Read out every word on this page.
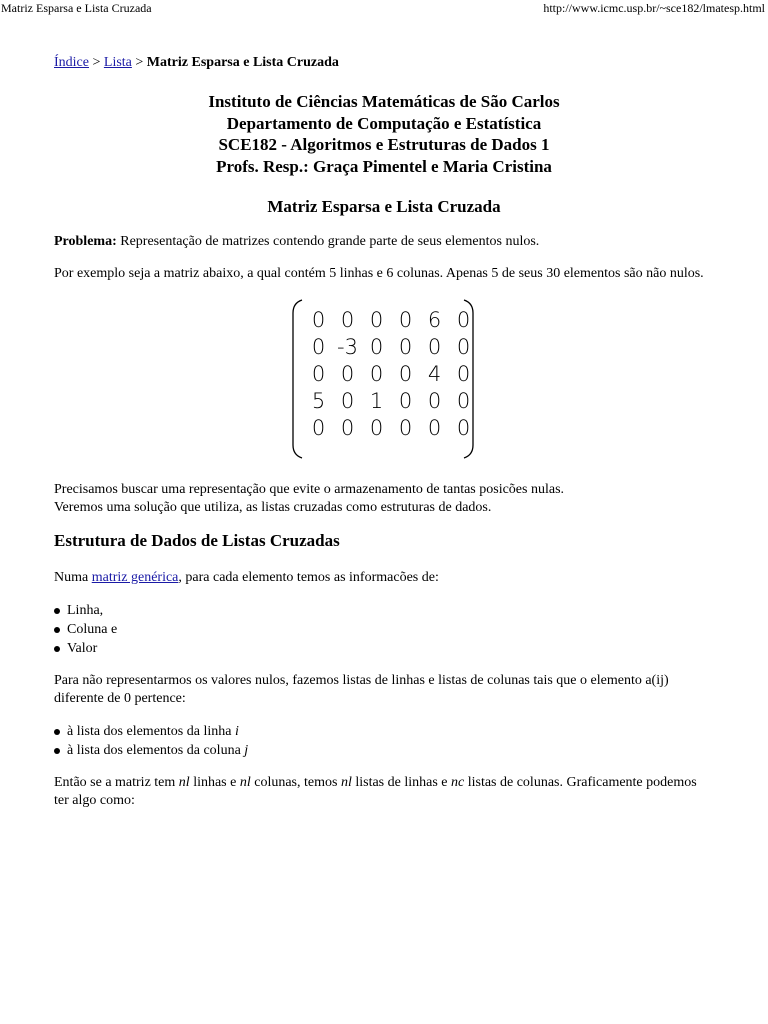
Matriz Esparsa e Lista Cruzada	http://www.icmc.usp.br/~sce182/lmatesp.html
Índice > Lista > Matriz Esparsa e Lista Cruzada

Instituto de Ciências Matemáticas de São Carlos

Departamento de Computação e Estatística

SCE182 - Algoritmos e Estruturas de Dados 1

Profs. Resp.: Graça Pimentel e Maria Cristina

Matriz Esparsa e Lista Cruzada

Problema: Representação de matrizes contendo grande parte de seus elementos nulos.

Por exemplo seja a matriz abaixo, a qual contém 5 linhas e 6 colunas. Apenas 5 de seus 30 elementos são não nulos.

0 0 0 0 6 0
0 -3 0 0 0 0
0 0 0 0 4 0
5 0 1 0 0 0
0 0 0 0 0 0

Precisamos buscar uma representação que evite o armazenamento de tantas posicões nulas.
Veremos uma solução que utiliza, as listas cruzadas como estruturas de dados.

Estrutura de Dados de Listas Cruzadas

Numa matriz genérica, para cada elemento temos as informacões de:

Linha,
Coluna e
Valor

Para não representarmos os valores nulos, fazemos listas de linhas e listas de colunas tais que o elemento a(ij) diferente de 0 pertence:

à lista dos elementos da linha i
à lista dos elementos da coluna j

Então se a matriz tem nl linhas e nl colunas, temos nl listas de linhas e nc listas de colunas. Graficamente podemos ter algo como:
